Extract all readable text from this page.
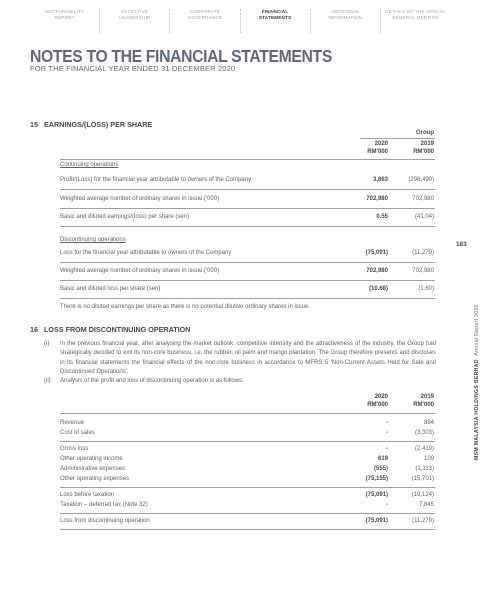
SUSTAINABILITY
REPORT
EFFECTIVE
LEADERSHIP
CORPORATE
GOVERNANCE
FINANCIAL
STATEMENTS
ADDITIONAL
INFORMATION
DETAILS OF THE ANNUAL
GENERAL MEETING
NOTES TO THE FINANCIAL STATEMENTS
FOR THE FINANCIAL YEAR ENDED 31 DECEMBER 2020
15 EARNINGS/(LOSS) PER SHARE
Group
2020	2019
RM'000	RM'000
Continuing operations
Profit/(Loss) for the financial year attributable to owners of the Company	3,863	(298,490)
Weighted average number of ordinary shares in issue ('000)	702,980	702,980
Basic and diluted earnings/(loss) per share (sen)	0.55	(41.04)
Discontinuing operations
Loss for the financial year attributable to owners of the Company	(75,091)	(11,279)
Weighted average number of ordinary shares in issue ('000)	702,980	702,980
Basic and diluted loss per share (sen)	(10.68)	(1.60)
There is no diluted earnings per share as there is no potential dilutive ordinary shares in issue.
16 LOSS FROM DISCONTINUING OPERATION
(i) In the previous financial year, after analysing the market outlook, competitive intensity and the attractiveness of the industry, the Group had strategically decided to exit its non-core business, i.e. the rubber, oil palm and mango plantation. The Group therefore presents and discloses in its financial statements the financial effects of the non-core business in accordance to MFRS 5 'Non-Current Assets Held for Sale and Discontinued Operations'.
(ii) Analysis of the profit and loss of discontinuing operation is as follows:
2020	2019
RM'000	RM'000
Revenue	-	884
Cost of sales	-	(3,303)
Gross loss	-	(2,419)
Other operating income	619	109
Administrative expenses	(555)	(1,113)
Other operating expenses	(75,155)	(15,701)
Loss before taxation	(75,091)	(19,124)
Taxation – deferred tax (Note 32)	-	7,845
Loss from discontinuing operation	(75,091)	(11,279)
183
MSM MALAYSIA HOLDINGS BERHAD  Annual Report 2020
